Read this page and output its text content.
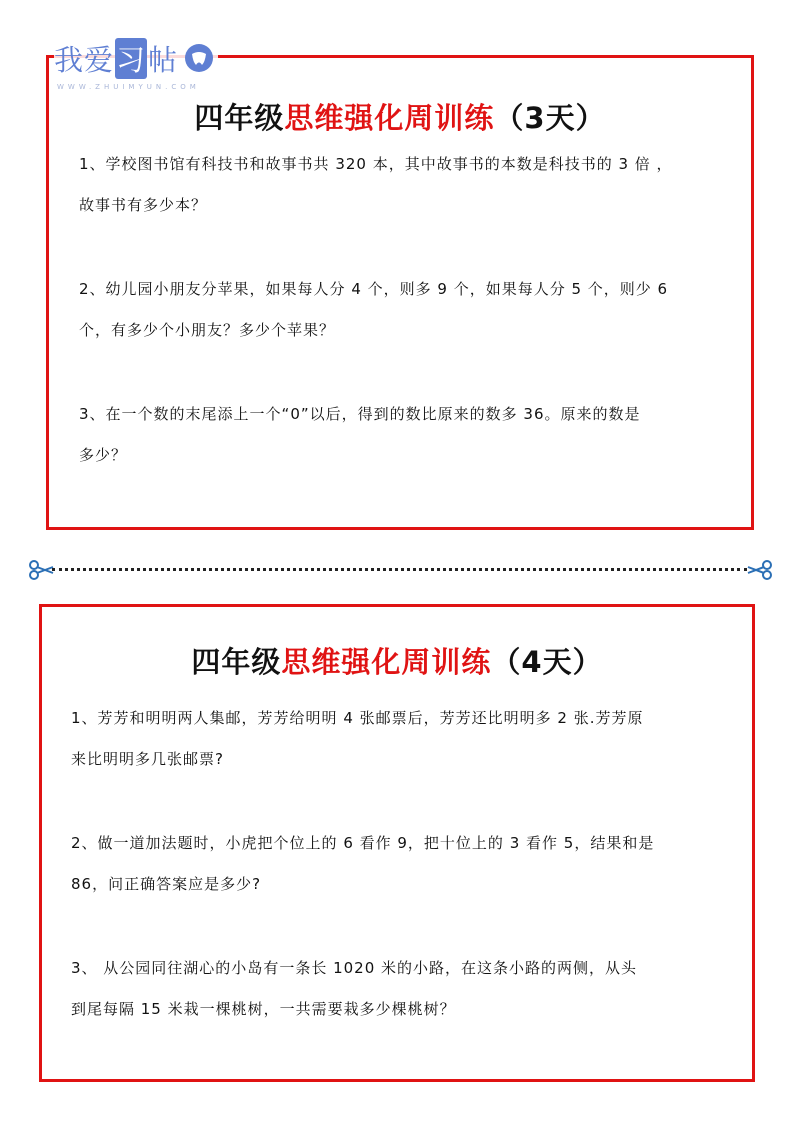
我爱习帖
WWW.ZHUIMYUN.COM
四年级思维强化周训练（3天）
1、学校图书馆有科技书和故事书共 320 本，其中故事书的本数是科技书的 3 倍 ，
故事书有多少本？
2、幼儿园小朋友分苹果，如果每人分 4 个，则多 9 个，如果每人分 5 个，则少 6
个，有多少个小朋友？多少个苹果？
3、在一个数的末尾添上一个“0”以后，得到的数比原来的数多 36。原来的数是
多少？
四年级思维强化周训练（4天）
1、芳芳和明明两人集邮，芳芳给明明 4 张邮票后，芳芳还比明明多 2 张.芳芳原
来比明明多几张邮票?
2、做一道加法题时，小虎把个位上的 6 看作 9，把十位上的 3 看作 5，结果和是
86，问正确答案应是多少?
3、 从公园同往湖心的小岛有一条长 1020 米的小路，在这条小路的两侧，从头
到尾每隔 15 米栽一棵桃树，一共需要栽多少棵桃树？
